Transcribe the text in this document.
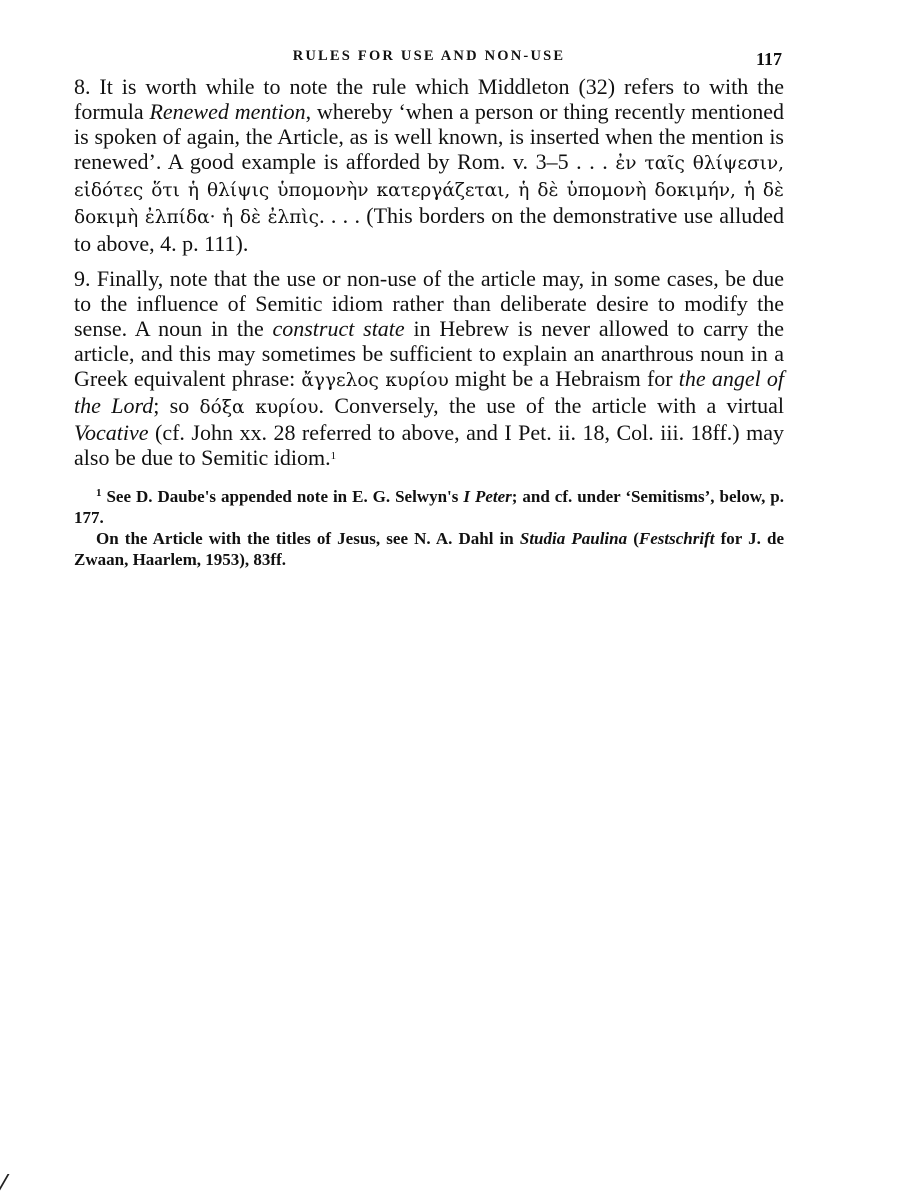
RULES FOR USE AND NON-USE	117

8. It is worth while to note the rule which Middleton (32) refers to with the formula Renewed mention, whereby ‘when a person or thing recently mentioned is spoken of again, the Article, as is well known, is inserted when the mention is renewed’. A good example is afforded by Rom. v. 3–5 . . . ἐν ταῖς θλίψεσιν, εἰδότες ὅτι ἡ θλίψις ὑπομονὴν κατεργάζεται, ἡ δὲ ὑπομονὴ δοκιμήν, ἡ δὲ δοκιμὴ ἐλπίδα· ἡ δὲ ἐλπὶς. . . . (This borders on the demonstrative use alluded to above, 4. p. 111).

9. Finally, note that the use or non-use of the article may, in some cases, be due to the influence of Semitic idiom rather than deliberate desire to modify the sense. A noun in the construct state in Hebrew is never allowed to carry the article, and this may sometimes be sufficient to explain an anarthrous noun in a Greek equivalent phrase: ἄγγελος κυρίου might be a Hebraism for the angel of the Lord; so δόξα κυρίου. Conversely, the use of the article with a virtual Vocative (cf. John xx. 28 referred to above, and I Pet. ii. 18, Col. iii. 18ff.) may also be due to Semitic idiom.$^1$

$^1$ See D. Daube's appended note in E. G. Selwyn's I Peter; and cf. under ‘Semitisms’, below, p. 177.

On the Article with the titles of Jesus, see N. A. Dahl in Studia Paulina (Festschrift for J. de Zwaan, Haarlem, 1953), 83ff.
